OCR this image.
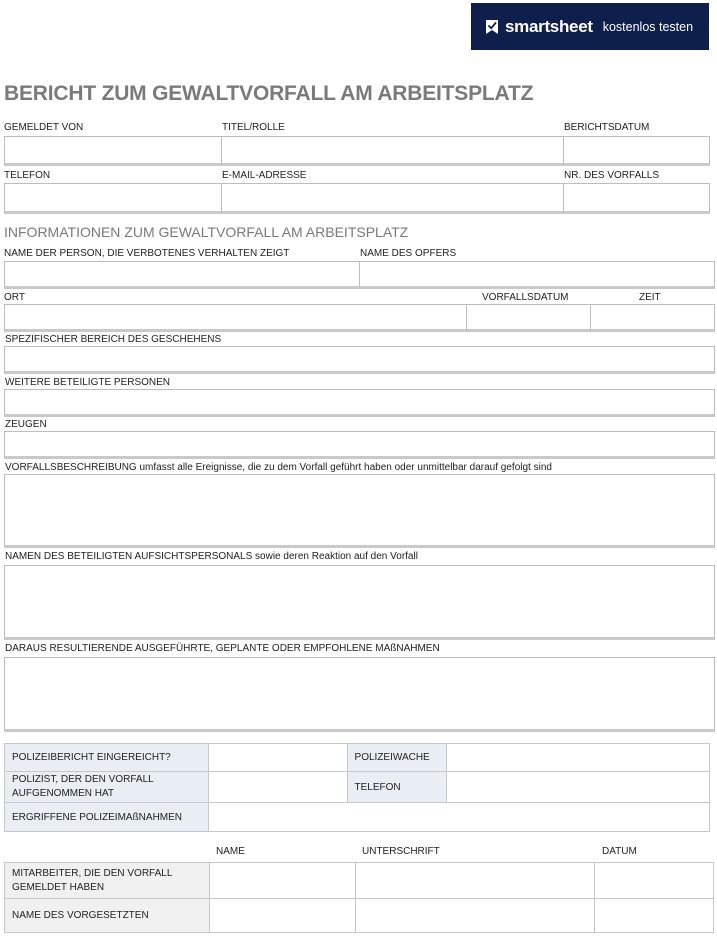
smartsheet kostenlos testen
BERICHT ZUM GEWALTVORFALL AM ARBEITSPLATZ
GEMELDET VON	TITEL/ROLLE	BERICHTSDATUM
TELEFON	E-MAIL-ADRESSE	NR. DES VORFALLS
INFORMATIONEN ZUM GEWALTVORFALL AM ARBEITSPLATZ
NAME DER PERSON, DIE VERBOTENES VERHALTEN ZEIGT	NAME DES OPFERS
ORT	VORFALLSDATUM	ZEIT
SPEZIFISCHER BEREICH DES GESCHEHENS
WEITERE BETEILIGTE PERSONEN
ZEUGEN
VORFALLSBESCHREIBUNG umfasst alle Ereignisse, die zu dem Vorfall geführt haben oder unmittelbar darauf gefolgt sind
NAMEN DES BETEILIGTEN AUFSICHTSPERSONALS sowie deren Reaktion auf den Vorfall
DARAUS RESULTIERENDE AUSGEFÜHRTE, GEPLANTE ODER EMPFOHLENE MAßNAHMEN
POLIZEIBERICHT EINGEREICHT?		POLIZEIWACHE	
POLIZIST, DER DEN VORFALL AUFGENOMMEN HAT		TELEFON	
ERGRIFFENE POLIZEIMAßNAHMEN	
NAME	UNTERSCHRIFT	DATUM
MITARBEITER, DIE DEN VORFALL GEMELDET HABEN			
NAME DES VORGESETZTEN			
